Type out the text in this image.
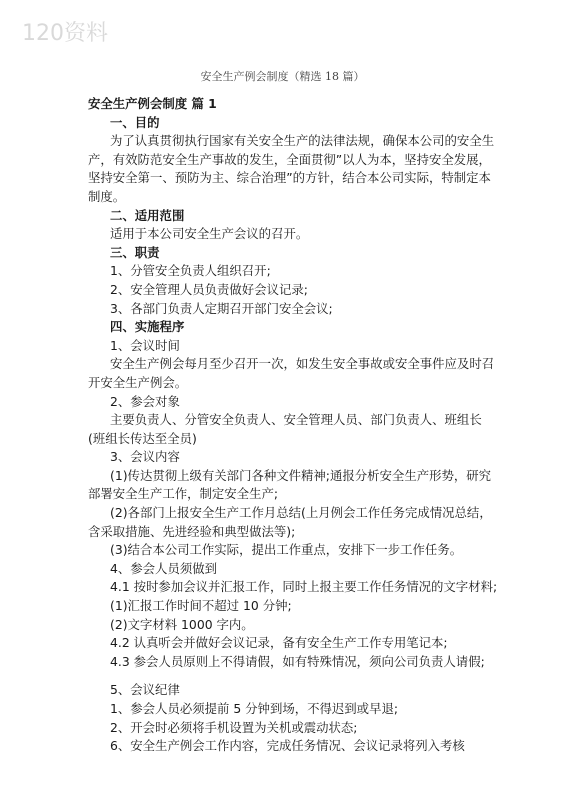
120资料
安全生产例会制度（精选 18 篇）

安全生产例会制度 篇 1

一、目的

为了认真贯彻执行国家有关安全生产的法律法规，确保本公司的安全生产，有效防范安全生产事故的发生，全面贯彻”以人为本，坚持安全发展，坚持安全第一、预防为主、综合治理”的方针，结合本公司实际，特制定本制度。

二、适用范围

适用于本公司安全生产会议的召开。

三、职责

1、分管安全负责人组织召开;

2、安全管理人员负责做好会议记录;

3、各部门负责人定期召开部门安全会议;

四、实施程序

1、会议时间

安全生产例会每月至少召开一次，如发生安全事故或安全事件应及时召开安全生产例会。

2、参会对象

主要负责人、分管安全负责人、安全管理人员、部门负责人、班组长(班组长传达至全员)

3、会议内容

(1)传达贯彻上级有关部门各种文件精神;通报分析安全生产形势，研究部署安全生产工作，制定安全生产;

(2)各部门上报安全生产工作月总结(上月例会工作任务完成情况总结，含采取措施、先进经验和典型做法等);

(3)结合本公司工作实际，提出工作重点，安排下一步工作任务。

4、参会人员须做到

4.1 按时参加会议并汇报工作，同时上报主要工作任务情况的文字材料;

(1)汇报工作时间不超过 10 分钟;

(2)文字材料 1000 字内。

4.2 认真听会并做好会议记录，备有安全生产工作专用笔记本;

4.3 参会人员原则上不得请假，如有特殊情况，须向公司负责人请假;

5、会议纪律

1、参会人员必须提前 5 分钟到场，不得迟到或早退;

2、开会时必须将手机设置为关机或震动状态;

6、安全生产例会工作内容，完成任务情况、会议记录将列入考核
